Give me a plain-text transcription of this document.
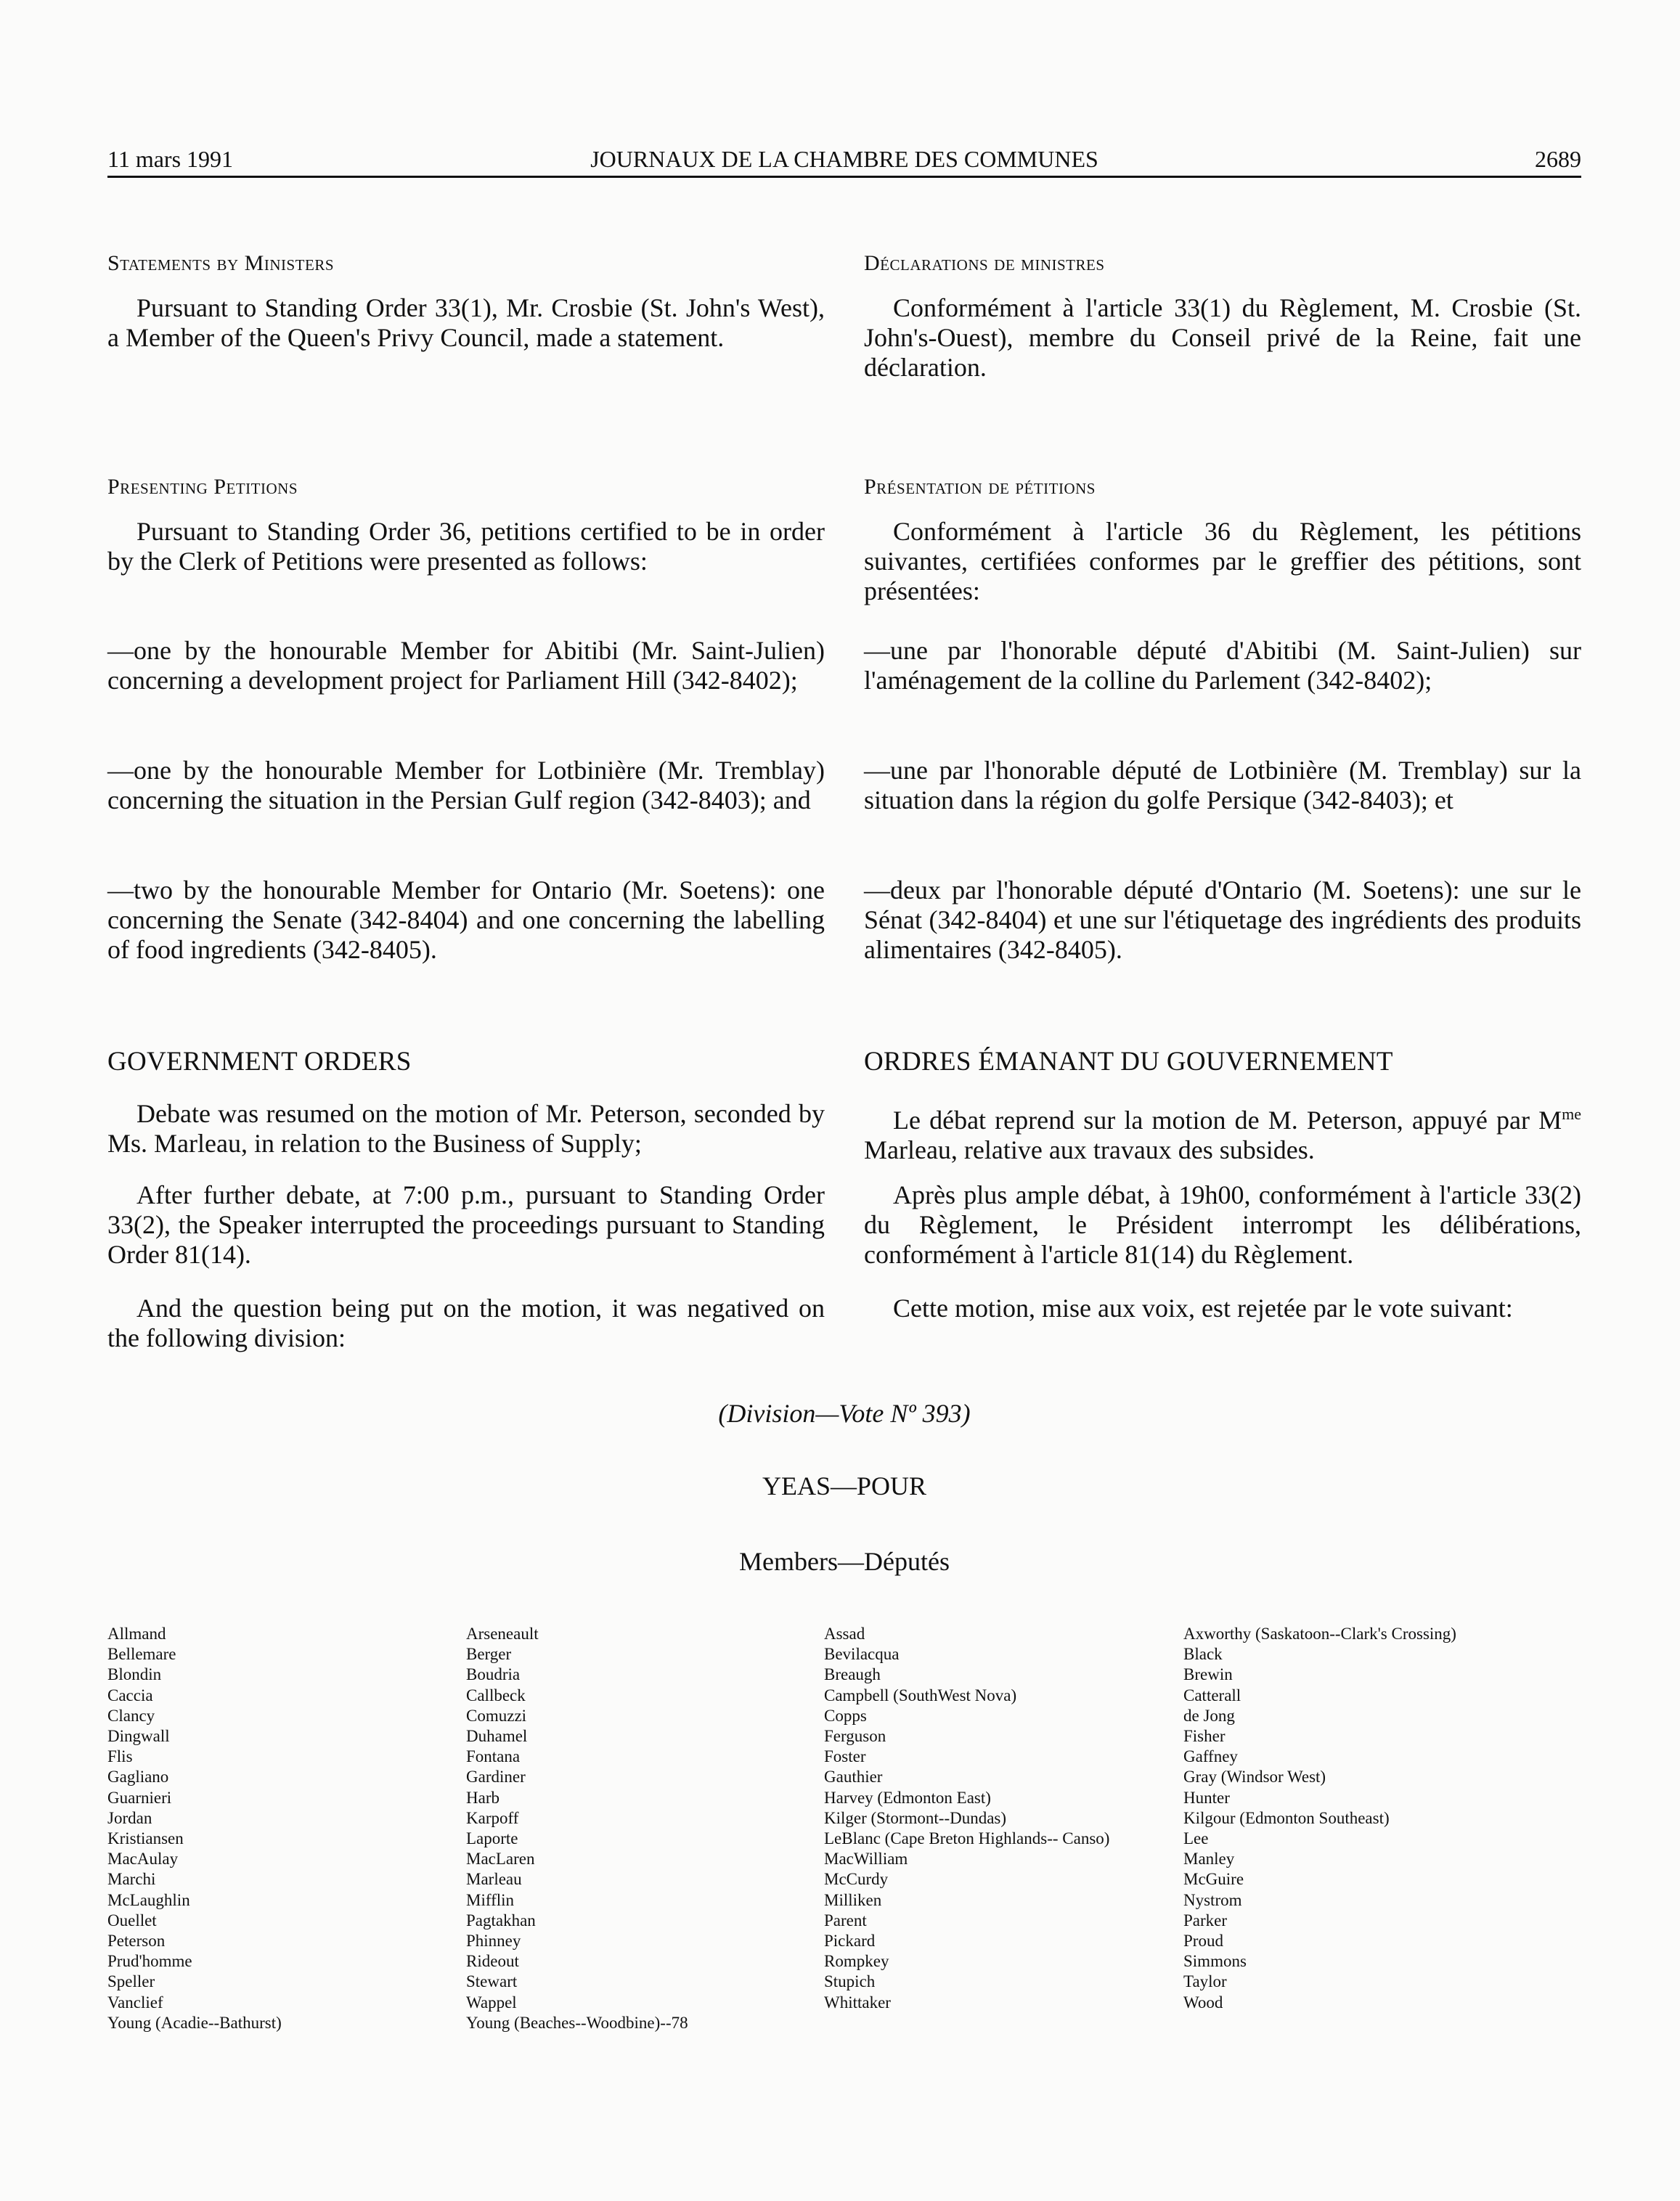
11 mars 1991	JOURNAUX DE LA CHAMBRE DES COMMUNES	2689
Statements by Ministers

Pursuant to Standing Order 33(1), Mr. Crosbie (St. John's West), a Member of the Queen's Privy Council, made a statement.

Presenting Petitions

Pursuant to Standing Order 36, petitions certified to be in order by the Clerk of Petitions were presented as follows:

—one by the honourable Member for Abitibi (Mr. Saint-Julien) concerning a development project for Parliament Hill (342-8402);

—one by the honourable Member for Lotbinière (Mr. Tremblay) concerning the situation in the Persian Gulf region (342-8403); and

—two by the honourable Member for Ontario (Mr. Soetens): one concerning the Senate (342-8404) and one concerning the labelling of food ingredients (342-8405).

GOVERNMENT ORDERS

Debate was resumed on the motion of Mr. Peterson, seconded by Ms. Marleau, in relation to the Business of Supply;

After further debate, at 7:00 p.m., pursuant to Standing Order 33(2), the Speaker interrupted the proceedings pursuant to Standing Order 81(14).

And the question being put on the motion, it was negatived on the following division:

Déclarations de ministres

Conformément à l'article 33(1) du Règlement, M. Crosbie (St. John's-Ouest), membre du Conseil privé de la Reine, fait une déclaration.

Présentation de pétitions

Conformément à l'article 36 du Règlement, les pétitions suivantes, certifiées conformes par le greffier des pétitions, sont présentées:

—une par l'honorable député d'Abitibi (M. Saint-Julien) sur l'aménagement de la colline du Parlement (342-8402);

—une par l'honorable député de Lotbinière (M. Tremblay) sur la situation dans la région du golfe Persique (342-8403); et

—deux par l'honorable député d'Ontario (M. Soetens): une sur le Sénat (342-8404) et une sur l'étiquetage des ingrédients des produits alimentaires (342-8405).

ORDRES ÉMANANT DU GOUVERNEMENT

Le débat reprend sur la motion de M. Peterson, appuyé par $M^{me}$ Marleau, relative aux travaux des subsides.

Après plus ample débat, à 19h00, conformément à l'article 33(2) du Règlement, le Président interrompt les délibérations, conformément à l'article 81(14) du Règlement.

Cette motion, mise aux voix, est rejetée par le vote suivant:

(Division—Vote Nº 393)
YEAS—POUR
Members—Députés
Allmand
Bellemare
Blondin
Caccia
Clancy
Dingwall
Flis
Gagliano
Guarnieri
Jordan
Kristiansen
MacAulay
Marchi
McLaughlin
Ouellet
Peterson
Prud'homme
Speller
Vanclief
Young (Acadie--Bathurst)
Arseneault
Berger
Boudria
Callbeck
Comuzzi
Duhamel
Fontana
Gardiner
Harb
Karpoff
Laporte
MacLaren
Marleau
Mifflin
Pagtakhan
Phinney
Rideout
Stewart
Wappel
Young (Beaches--Woodbine)--78
Assad
Bevilacqua
Breaugh
Campbell (SouthWest Nova)
Copps
Ferguson
Foster
Gauthier
Harvey (Edmonton East)
Kilger (Stormont--Dundas)
LeBlanc (Cape Breton Highlands-- Canso)
MacWilliam
McCurdy
Milliken
Parent
Pickard
Rompkey
Stupich
Whittaker
Axworthy (Saskatoon--Clark's Crossing)
Black
Brewin
Catterall
de Jong
Fisher
Gaffney
Gray (Windsor West)
Hunter
Kilgour (Edmonton Southeast)
Lee
Manley
McGuire
Nystrom
Parker
Proud
Simmons
Taylor
Wood
